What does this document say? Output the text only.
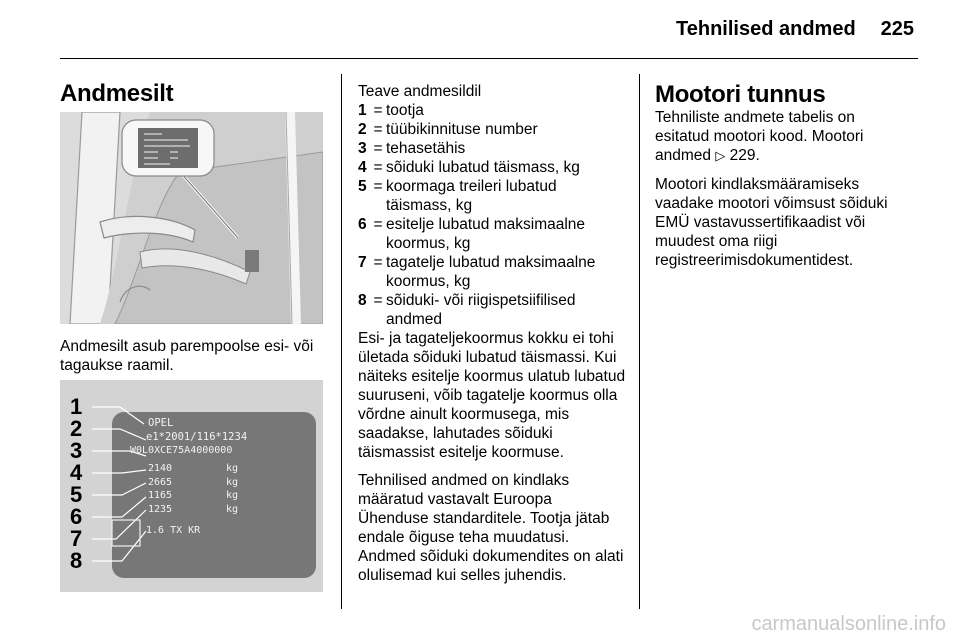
Tehnilised andmed 225
Andmesilt

Andmesilt asub parempoolse esi- või tagaukse raamil.

1
2
3
4
5
6
7
8
OPEL
e1*2001/116*1234
W0L0XCE75A4000000
2140
2665
1165
1235
kg
kg
kg
kg
1.6 TX KR
Teave andmesildil
1 = tootja
2 = tüübikinnituse number
3 = tehasetähis
4 = sõiduki lubatud täismass, kg
5 = koormaga treileri lubatud täismass, kg
6 = esitelje lubatud maksimaalne koormus, kg
7 = tagatelje lubatud maksimaalne koormus, kg
8 = sõiduki- või riigispetsiifilised andmed

Esi- ja tagateljekoormus kokku ei tohi ületada sõiduki lubatud täismassi. Kui näiteks esitelje koormus ulatub lubatud suuruseni, võib tagatelje koormus olla võrdne ainult koormusega, mis saadakse, lahutades sõiduki täismassist esitelje koormuse.

Tehnilised andmed on kindlaks määratud vastavalt Euroopa Ühenduse standarditele. Tootja jätab endale õiguse teha muudatusi. Andmed sõiduki dokumendites on alati olulisemad kui selles juhendis.

Mootori tunnus

Tehniliste andmete tabelis on esitatud mootori kood. Mootori andmed ▷ 229.

Mootori kindlaksmääramiseks vaadake mootori võimsust sõiduki EMÜ vastavussertifikaadist või muudest oma riigi registreerimisdokumentidest.

carmanualsonline.info
